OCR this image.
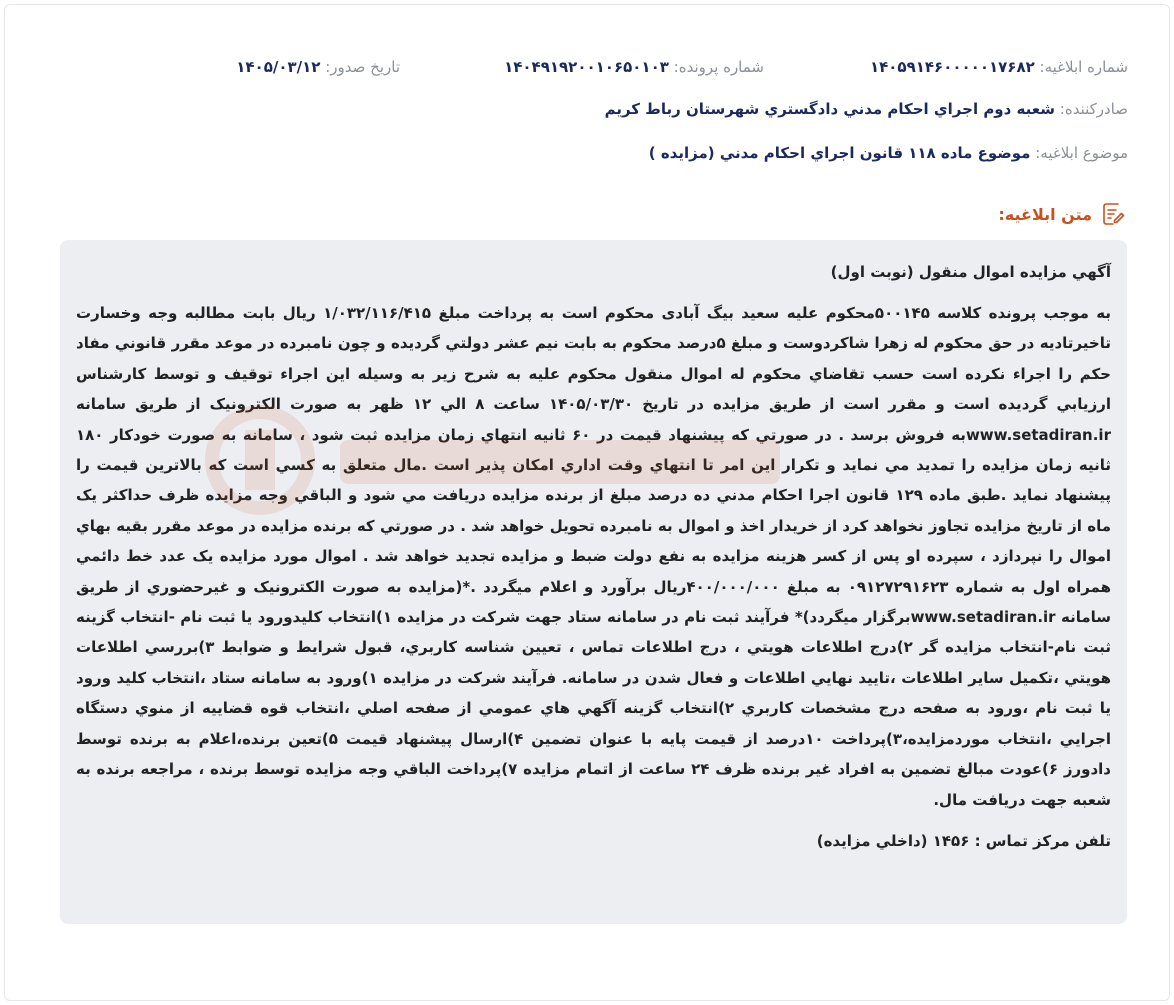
شماره ابلاغیه: ۱۴۰۵۹۱۴۶۰۰۰۰۰۱۷۶۸۲
شماره پرونده: ۱۴۰۴۹۱۹۲۰۰۱۰۶۵۰۱۰۳
تاریخ صدور: ۱۴۰۵/۰۳/۱۲
صادرکننده: شعبه دوم اجراي احکام مدني دادگستري شهرستان رباط کريم
موضوع ابلاغیه: موضوع ماده ۱۱۸ قانون اجراي احکام مدني (مزايده )
متن ابلاغیه:

آگهي مزايده اموال منقول (نوبت اول)

به موجب پرونده کلاسه ۵۰۰۱۴۵محکوم عليه سعيد بيگ آبادی محکوم است به پرداخت مبلغ ۱/۰۳۲/۱۱۶/۴۱۵ ريال بابت مطالبه وجه وخسارت تاخيرتاديه در حق محکوم له زهرا شاکردوست و مبلغ ۵درصد محکوم به بابت نيم عشر دولتي گرديده و چون نامبرده در موعد مقرر قانوني مفاد حکم را اجراء نکرده است حسب تقاضاي محکوم له اموال منقول محکوم عليه به شرح زير به وسيله اين اجراء توقيف و توسط کارشناس ارزيابي گرديده است و مقرر است از طريق مزايده در تاريخ ۱۴۰۵/۰۳/۳۰ ساعت ۸ الي ۱۲ ظهر به صورت الکترونيک از طريق سامانه www.setadiran.irبه فروش برسد . در صورتي که پيشنهاد قيمت در ۶۰ ثانيه انتهاي زمان مزايده ثبت شود ، سامانه به صورت خودکار ۱۸۰ ثانيه زمان مزايده را تمديد مي نمايد و تکرار اين امر تا انتهاي وقت اداري امکان پذير است .مال متعلق به کسي است که بالاترين قيمت را پيشنهاد نمايد .طبق ماده ۱۲۹ قانون اجرا احکام مدني ده درصد مبلغ از برنده مزايده دريافت مي شود و الباقي وجه مزايده ظرف حداکثر يک ماه از تاريخ مزايده تجاوز نخواهد کرد از خريدار اخذ و اموال به نامبرده تحويل خواهد شد . در صورتي که برنده مزايده در موعد مقرر بقيه بهاي اموال را نپردازد ، سپرده او پس از کسر هزينه مزايده به نفع دولت ضبط و مزايده تجديد خواهد شد . اموال مورد مزايده يک عدد خط دائمي همراه اول به شماره ۰۹۱۲۷۲۹۱۶۲۳ به مبلغ ۴۰۰/۰۰۰/۰۰۰ريال برآورد و اعلام ميگردد .*(مزايده به صورت الکترونيک و غيرحضوري از طريق سامانه www.setadiran.irبرگزار ميگردد)* فرآيند ثبت نام در سامانه ستاد جهت شرکت در مزايده ۱)انتخاب کليدورود يا ثبت نام -انتخاب گزينه ثبت نام-انتخاب مزايده گر ۲)درج اطلاعات هويتي ، درج اطلاعات تماس ، تعيين شناسه کاربري، قبول شرايط و ضوابط ۳)بررسي اطلاعات هويتي ،تکميل ساير اطلاعات ،تاييد نهايي اطلاعات و فعال شدن در سامانه. فرآيند شرکت در مزايده ۱)ورود به سامانه ستاد ،انتخاب کليد ورود يا ثبت نام ،ورود به صفحه درج مشخصات کاربري ۲)انتخاب گزينه آگهي هاي عمومي از صفحه اصلي ،انتخاب قوه قضاييه از منوي دستگاه اجرايي ،انتخاب موردمزايده،۳)پرداخت ۱۰درصد از قيمت پايه با عنوان تضمين ۴)ارسال پيشنهاد قيمت ۵)تعين برنده،اعلام به برنده توسط دادورز ۶)عودت مبالغ تضمين به افراد غير برنده ظرف ۲۴ ساعت از اتمام مزايده ۷)پرداخت الباقي وجه مزايده توسط برنده ، مراجعه برنده به شعبه جهت دريافت مال.

تلفن مرکز تماس : ۱۴۵۶ (داخلي مزايده)
